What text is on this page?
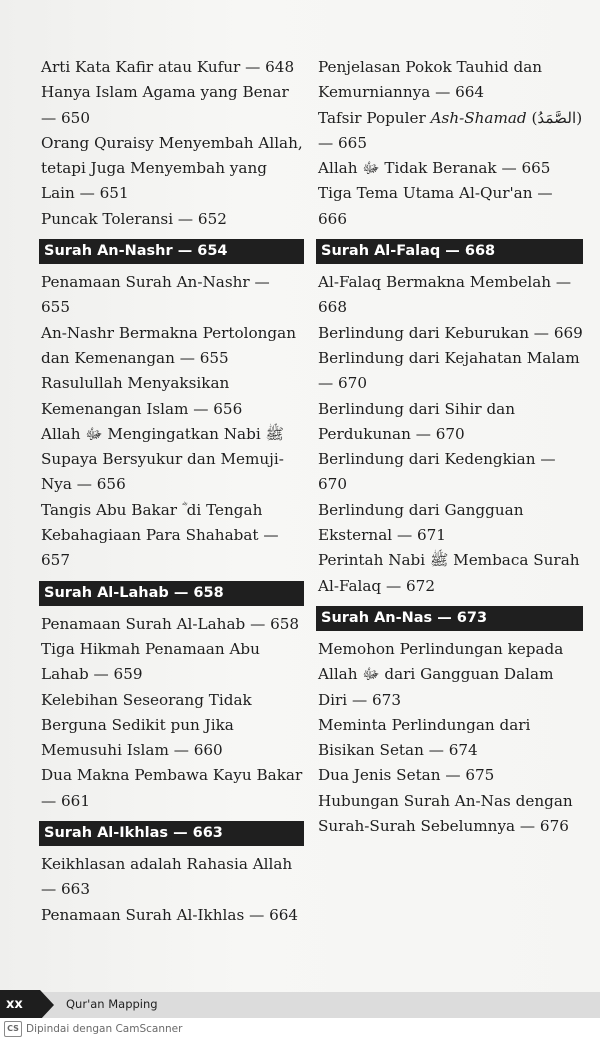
Arti Kata Kafir atau Kufur — 648

Hanya Islam Agama yang Benar — 650

Orang Quraisy Menyembah Allah, tetapi Juga Menyembah yang Lain — 651

Puncak Toleransi — 652

Surah An-Nashr — 654

Penamaan Surah An-Nashr — 655

An-Nashr Bermakna Pertolongan dan Kemenangan — 655

Rasulullah Menyaksikan Kemenangan Islam — 656

Allah ﷻ Mengingatkan Nabi ﷺ Supaya Bersyukur dan Memuji-Nya — 656

Tangis Abu Bakar ؓ di Tengah Kebahagiaan Para Shahabat — 657

Surah Al-Lahab — 658

Penamaan Surah Al-Lahab — 658

Tiga Hikmah Penamaan Abu Lahab — 659

Kelebihan Seseorang Tidak Berguna Sedikit pun Jika Memusuhi Islam — 660

Dua Makna Pembawa Kayu Bakar — 661

Surah Al-Ikhlas — 663

Keikhlasan adalah Rahasia Allah — 663

Penamaan Surah Al-Ikhlas — 664

Penjelasan Pokok Tauhid dan Kemurniannya — 664

Tafsir Populer Ash-Shamad (الصَّمَدُ) — 665

Allah ﷻ Tidak Beranak — 665

Tiga Tema Utama Al-Qur'an — 666

Surah Al-Falaq — 668

Al-Falaq Bermakna Membelah — 668

Berlindung dari Keburukan — 669

Berlindung dari Kejahatan Malam — 670

Berlindung dari Sihir dan Perdukunan — 670

Berlindung dari Kedengkian — 670

Berlindung dari Gangguan Eksternal — 671

Perintah Nabi ﷺ Membaca Surah Al-Falaq — 672

Surah An-Nas — 673

Memohon Perlindungan kepada Allah ﷻ dari Gangguan Dalam Diri — 673

Meminta Perlindungan dari Bisikan Setan — 674

Dua Jenis Setan — 675

Hubungan Surah An-Nas dengan Surah-Surah Sebelumnya — 676

xx	Qur'an Mapping
CS Dipindai dengan CamScanner
